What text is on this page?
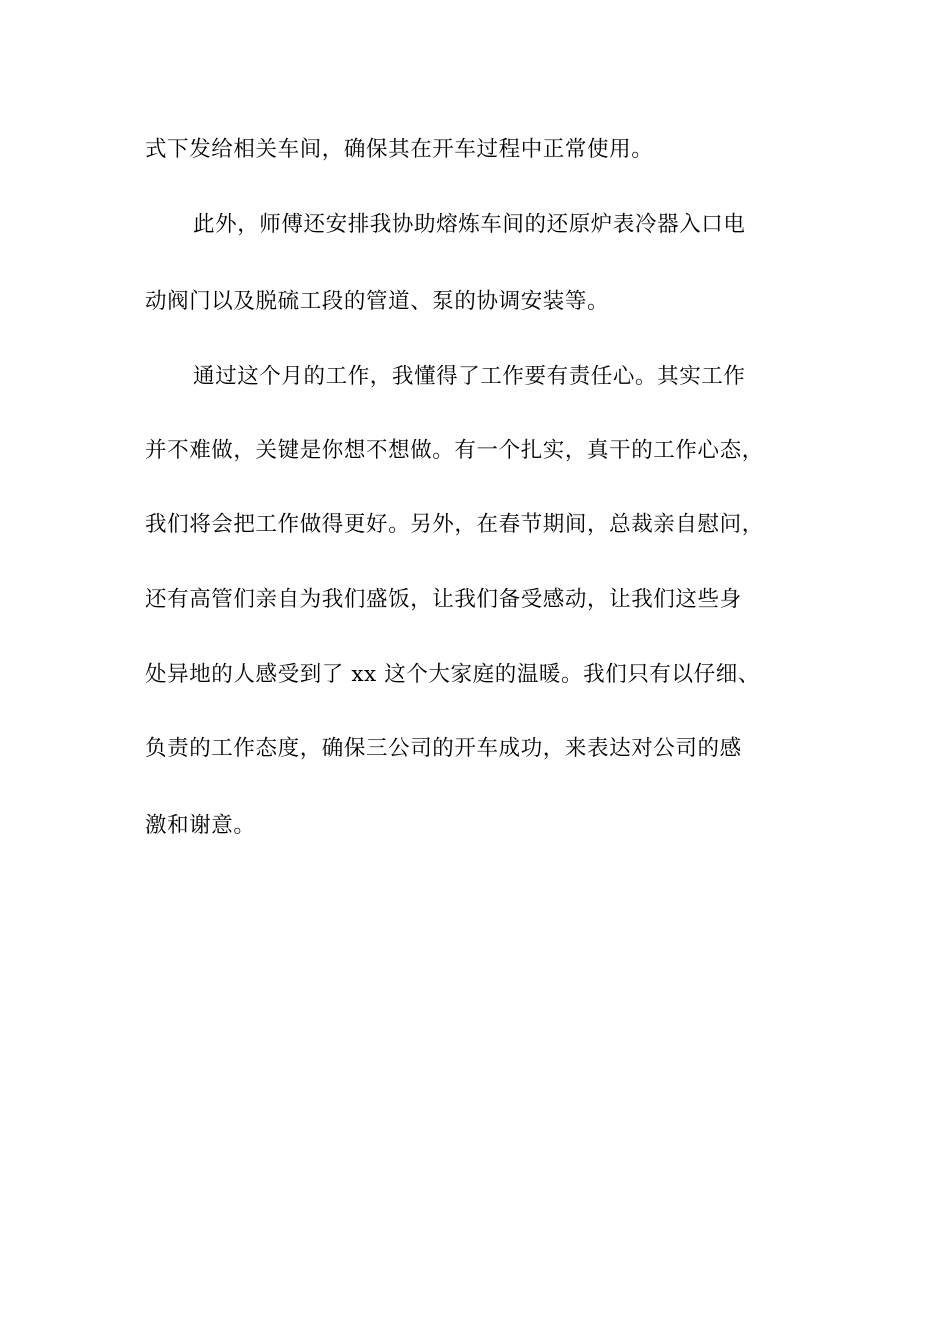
式下发给相关车间，确保其在开车过程中正常使用。
此外，师傅还安排我协助熔炼车间的还原炉表冷器入口电
动阀门以及脱硫工段的管道、泵的协调安装等。
通过这个月的工作，我懂得了工作要有责任心。其实工作
并不难做，关键是你想不想做。有一个扎实，真干的工作心态，
我们将会把工作做得更好。另外，在春节期间，总裁亲自慰问，
还有高管们亲自为我们盛饭，让我们备受感动，让我们这些身
处异地的人感受到了 xx 这个大家庭的温暖。我们只有以仔细、
负责的工作态度，确保三公司的开车成功，来表达对公司的感
激和谢意。
